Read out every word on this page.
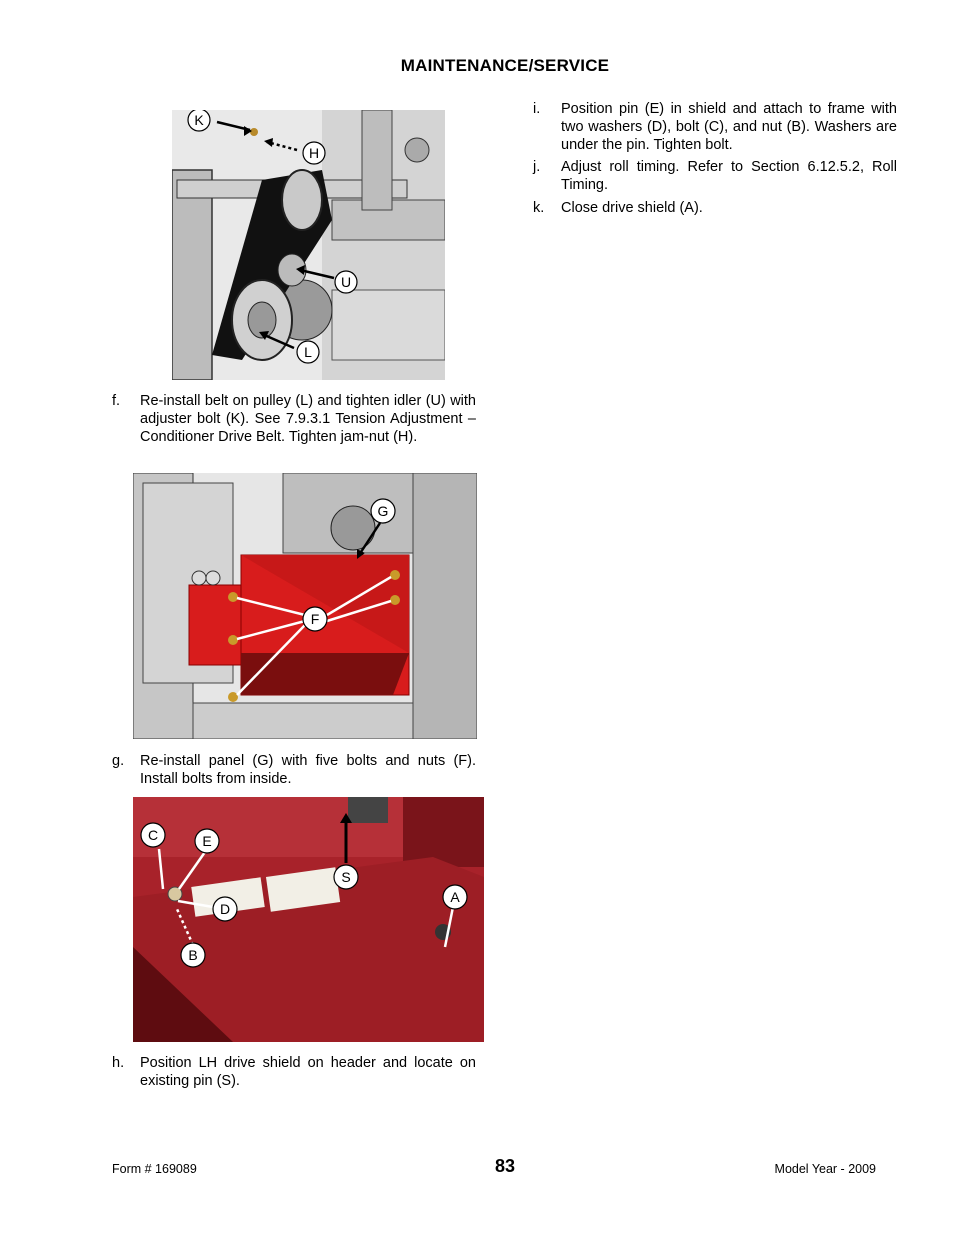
MAINTENANCE/SERVICE
K
H
U
L
f. Re-install belt on pulley (L) and tighten idler (U) with adjuster bolt (K). See 7.9.3.1 Tension Adjustment – Conditioner Drive Belt. Tighten jam-nut (H).
G
F
g. Re-install panel (G) with five bolts and nuts (F). Install bolts from inside.
C	E
S
A
D
B
h. Position LH drive shield on header and locate on existing pin (S).
i. Position pin (E) in shield and attach to frame with two washers (D), bolt (C), and nut (B). Washers are under the pin. Tighten bolt.
j. Adjust roll timing. Refer to Section 6.12.5.2, Roll Timing.
k. Close drive shield (A).
Form # 169089	83	Model Year - 2009
